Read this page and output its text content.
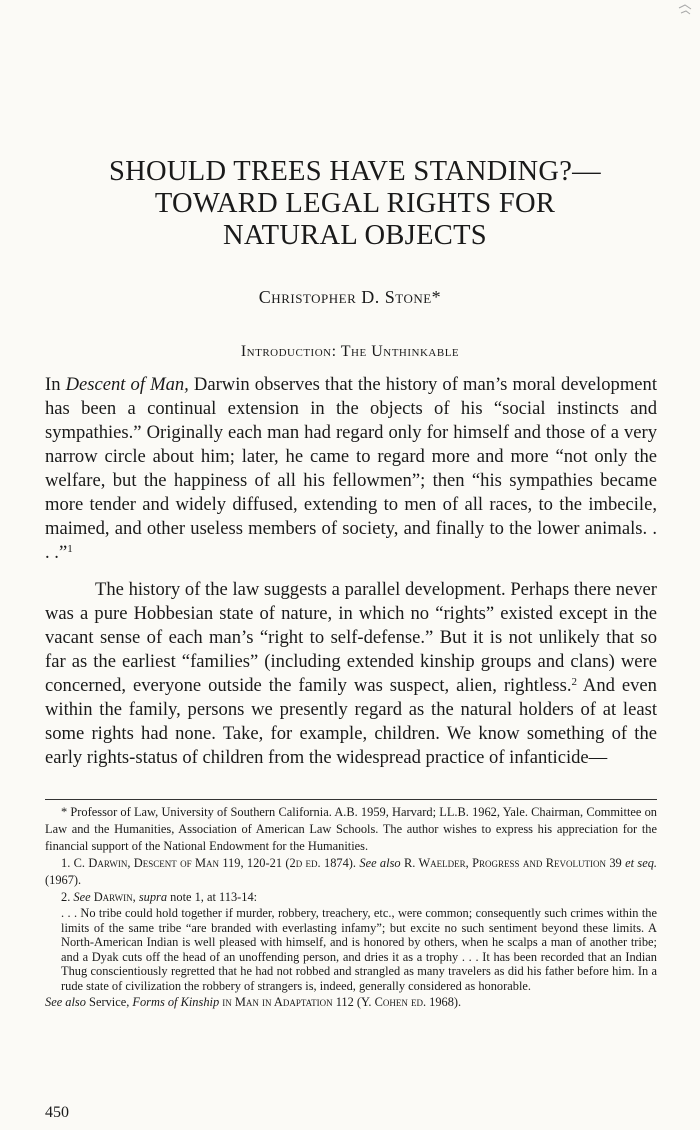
SHOULD TREES HAVE STANDING?—
TOWARD LEGAL RIGHTS FOR
NATURAL OBJECTS
Christopher D. Stone*
Introduction: The Unthinkable

In Descent of Man, Darwin observes that the history of man’s moral development has been a continual extension in the objects of his “social instincts and sympathies.” Originally each man had regard only for himself and those of a very narrow circle about him; later, he came to regard more and more “not only the welfare, but the happiness of all his fellowmen”; then “his sympathies became more tender and widely diffused, extending to men of all races, to the imbecile, maimed, and other useless members of society, and finally to the lower animals. . . .”$^1$

The history of the law suggests a parallel development. Perhaps there never was a pure Hobbesian state of nature, in which no “rights” existed except in the vacant sense of each man’s “right to self-defense.” But it is not unlikely that so far as the earliest “families” (including extended kinship groups and clans) were concerned, everyone outside the family was suspect, alien, rightless.$^2$ And even within the family, persons we presently regard as the natural holders of at least some rights had none. Take, for example, children. We know something of the early rights-status of children from the widespread practice of infanticide—

* Professor of Law, University of Southern California. A.B. 1959, Harvard; LL.B. 1962, Yale. Chairman, Committee on Law and the Humanities, Association of American Law Schools. The author wishes to express his appreciation for the financial support of the National Endowment for the Humanities.

1. C. Darwin, Descent of Man 119, 120-21 (2d ed. 1874). See also R. Waelder, Progress and Revolution 39 et seq. (1967).

2. See Darwin, supra note 1, at 113-14:

. . . No tribe could hold together if murder, robbery, treachery, etc., were common; consequently such crimes within the limits of the same tribe “are branded with everlasting infamy”; but excite no such sentiment beyond these limits. A North-American Indian is well pleased with himself, and is honored by others, when he scalps a man of another tribe; and a Dyak cuts off the head of an unoffending person, and dries it as a trophy . . . It has been recorded that an Indian Thug conscientiously regretted that he had not robbed and strangled as many travelers as did his father before him. In a rude state of civilization the robbery of strangers is, indeed, generally considered as honorable.

See also Service, Forms of Kinship in Man in Adaptation 112 (Y. Cohen ed. 1968).

450
